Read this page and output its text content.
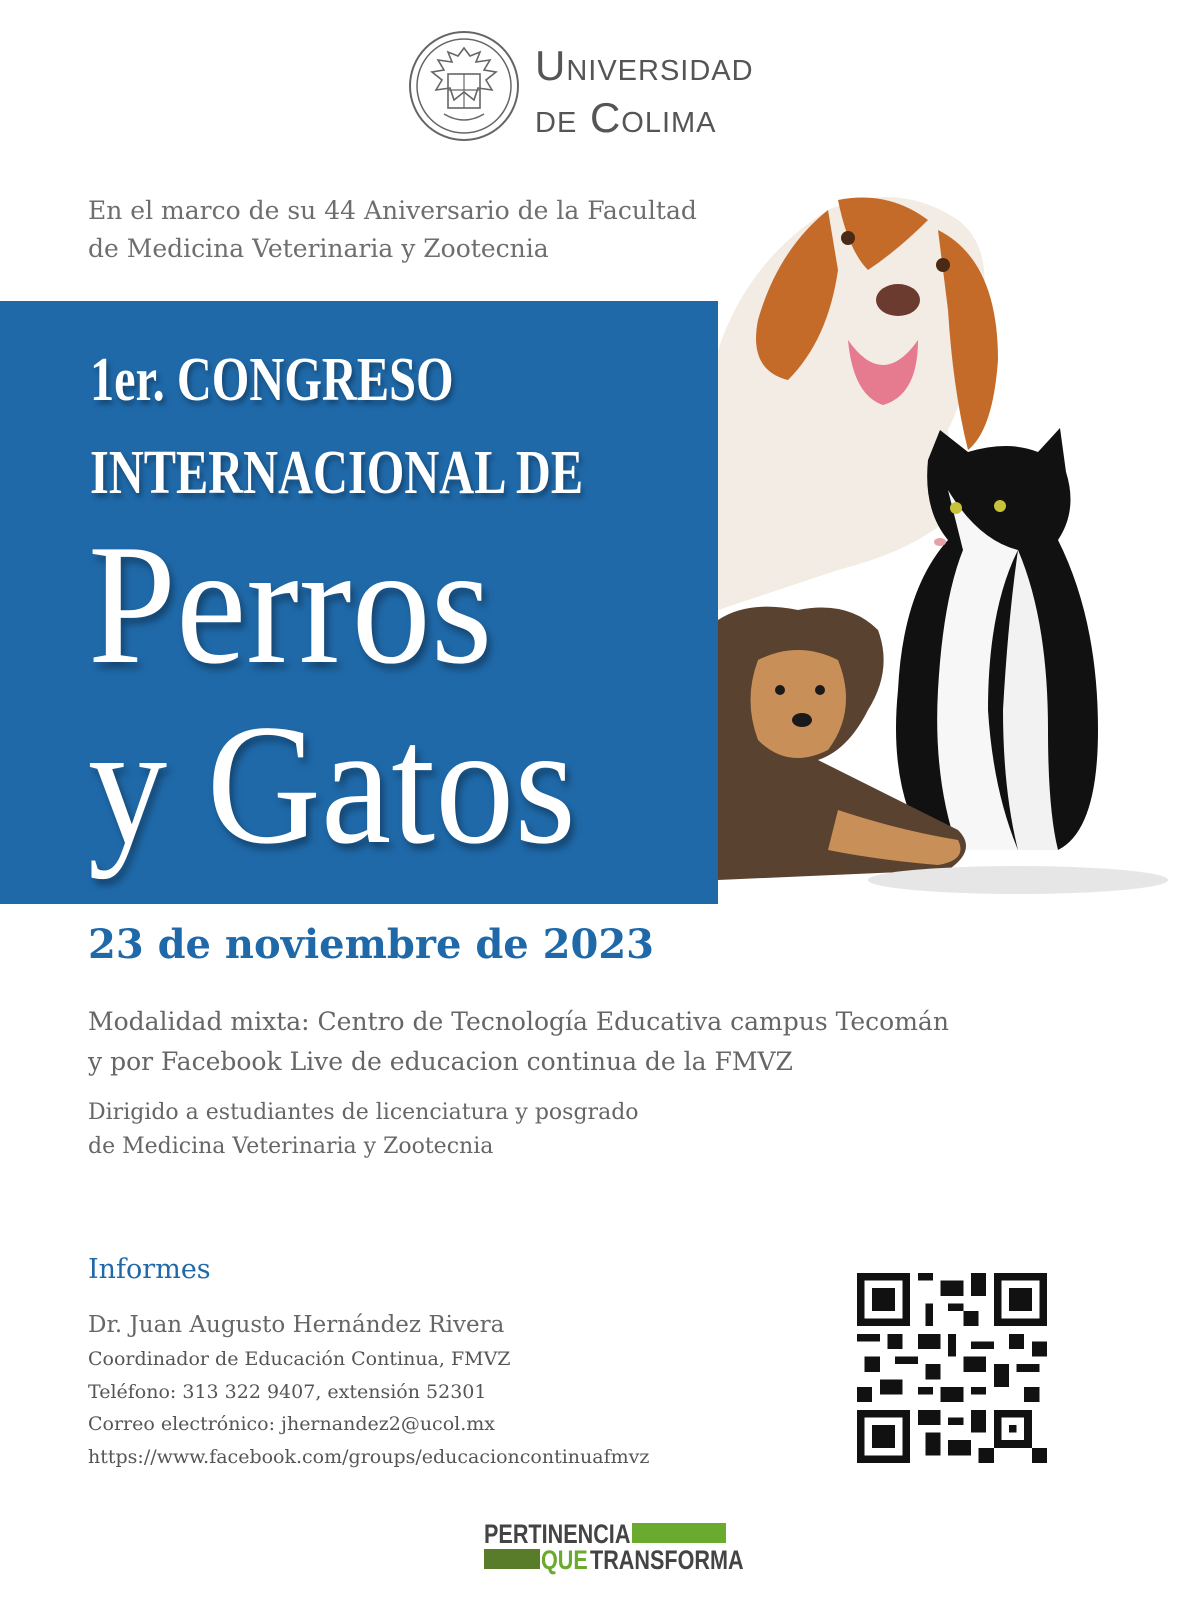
Universidad
de Colima
En el marco de su 44 Aniversario de la Facultad
de Medicina Veterinaria y Zootecnia
1er. CONGRESO
INTERNACIONAL DE
Perros
y Gatos
23 de noviembre de 2023
Modalidad mixta: Centro de Tecnología Educativa campus Tecomán
y por Facebook Live de educacion continua de la FMVZ
Dirigido a estudiantes de licenciatura y posgrado
de Medicina Veterinaria y Zootecnia
Informes
Dr. Juan Augusto Hernández Rivera
Coordinador de Educación Continua, FMVZ
Teléfono: 313 322 9407, extensión 52301
Correo electrónico: jhernandez2@ucol.mx
https://www.facebook.com/groups/educacioncontinuafmvz
PERTINENCIA
QUE TRANSFORMA
